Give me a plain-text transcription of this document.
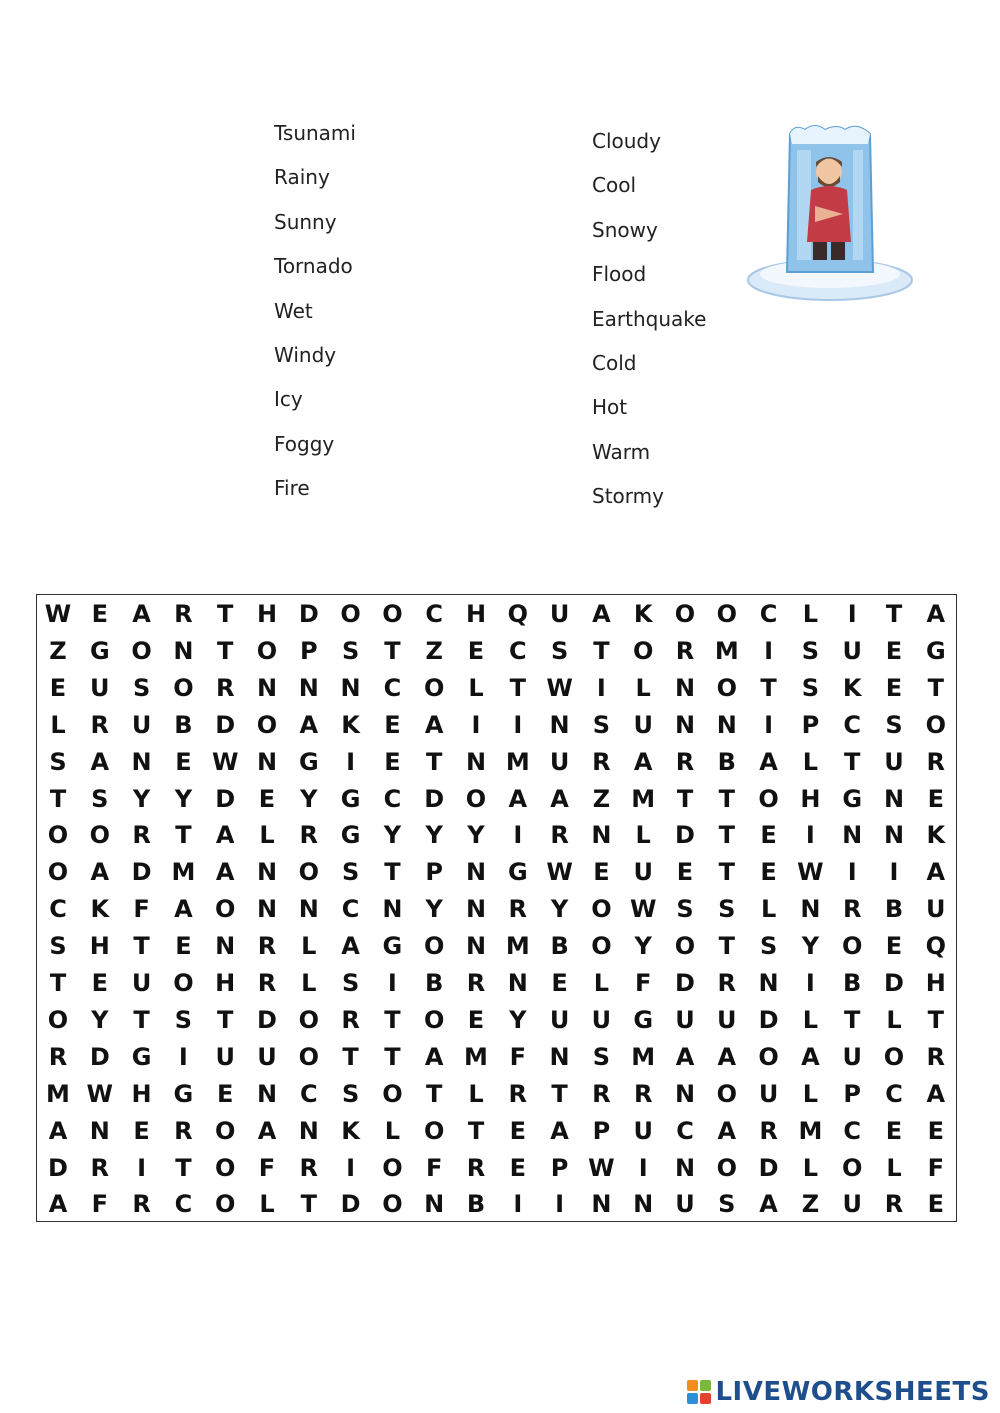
Tsunami
Rainy
Sunny
Tornado
Wet
Windy
Icy
Foggy
Fire
Cloudy
Cool
Snowy
Flood
Earthquake
Cold
Hot
Warm
Stormy
W E	A R	T H D O O C H Q U A K O O C	L	I	T	A
Z G O N T O P	S	T	Z	E	C	S	T O R M	I	S U E G
E U S O R N N N C O L	T W	I	L	N O T	S K	E	T
L	R U B D O A K	E	A	I	I	N S U N N	I	P	C	S O
S A N E W N G	I	E	T N M U R A R B A	L	T U R
T	S	Y	Y D E	Y G C D O A A Z M T	T O H G N E
O O R	T	A	L	R G Y	Y	Y	I	R N	L	D T	E	I	N N K
O A D M A N O S	T	P N G W E U E	T	E W	I	I	A
C K	F	A O N N C N Y N R Y O W S	S	L	N R B U
S H T	E N R	L	A G O N M B O Y O T	S	Y O E Q
T	E U O H R	L	S	I	B R N E	L	F D R N	I	B D H
O Y	T	S	T D O R	T O E	Y U U G U U D	L	T	L	T
R D G	I	U U O T	T	A M F N S M A A O A U O R
M W H G E N C	S O T	L	R	T	R R N O U	L	P	C A
A N E	R O A N K	L O T	E	A P U C A R M C	E	E
D R	I	T O F	R	I	O F	R	E	P W	I	N O D	L O L	F
A	F	R C O L	T D O N B	I	I	N N U S A Z U R	E
LIVEWORKSHEETS
